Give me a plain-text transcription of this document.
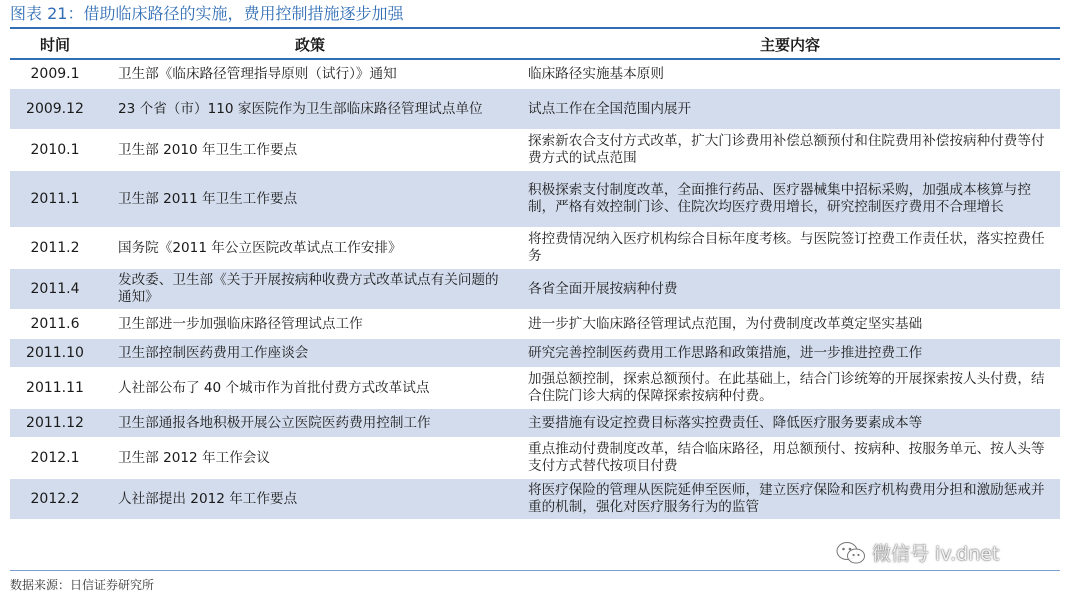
图表 21：借助临床路径的实施，费用控制措施逐步加强
时间	政策	主要内容
2009.1	卫生部《临床路径管理指导原则（试行）》通知	临床路径实施基本原则
2009.12	23 个省（市）110 家医院作为卫生部临床路径管理试点单位	试点工作在全国范围内展开
2010.1	卫生部 2010 年卫生工作要点	探索新农合支付方式改革，扩大门诊费用补偿总额预付和住院费用补偿按病种付费等付费方式的试点范围
2011.1	卫生部 2011 年卫生工作要点	积极探索支付制度改革，全面推行药品、医疗器械集中招标采购，加强成本核算与控制，严格有效控制门诊、住院次均医疗费用增长，研究控制医疗费用不合理增长
2011.2	国务院《2011 年公立医院改革试点工作安排》	将控费情况纳入医疗机构综合目标年度考核。与医院签订控费工作责任状，落实控费任务
2011.4	发改委、卫生部《关于开展按病种收费方式改革试点有关问题的通知》	各省全面开展按病种付费
2011.6	卫生部进一步加强临床路径管理试点工作	进一步扩大临床路径管理试点范围，为付费制度改革奠定坚实基础
2011.10	卫生部控制医药费用工作座谈会	研究完善控制医药费用工作思路和政策措施，进一步推进控费工作
2011.11	人社部公布了 40 个城市作为首批付费方式改革试点	加强总额控制，探索总额预付。在此基础上，结合门诊统筹的开展探索按人头付费，结合住院门诊大病的保障探索按病种付费。
2011.12	卫生部通报各地积极开展公立医院医药费用控制工作	主要措施有设定控费目标落实控费责任、降低医疗服务要素成本等
2012.1	卫生部 2012 年工作会议	重点推动付费制度改革，结合临床路径，用总额预付、按病种、按服务单元、按人头等支付方式替代按项目付费
2012.2	人社部提出 2012 年工作要点	将医疗保险的管理从医院延伸至医师，建立医疗保险和医疗机构费用分担和激励惩戒并重的机制，强化对医疗服务行为的监管
数据来源：日信证券研究所
微信号 iv.dnet
